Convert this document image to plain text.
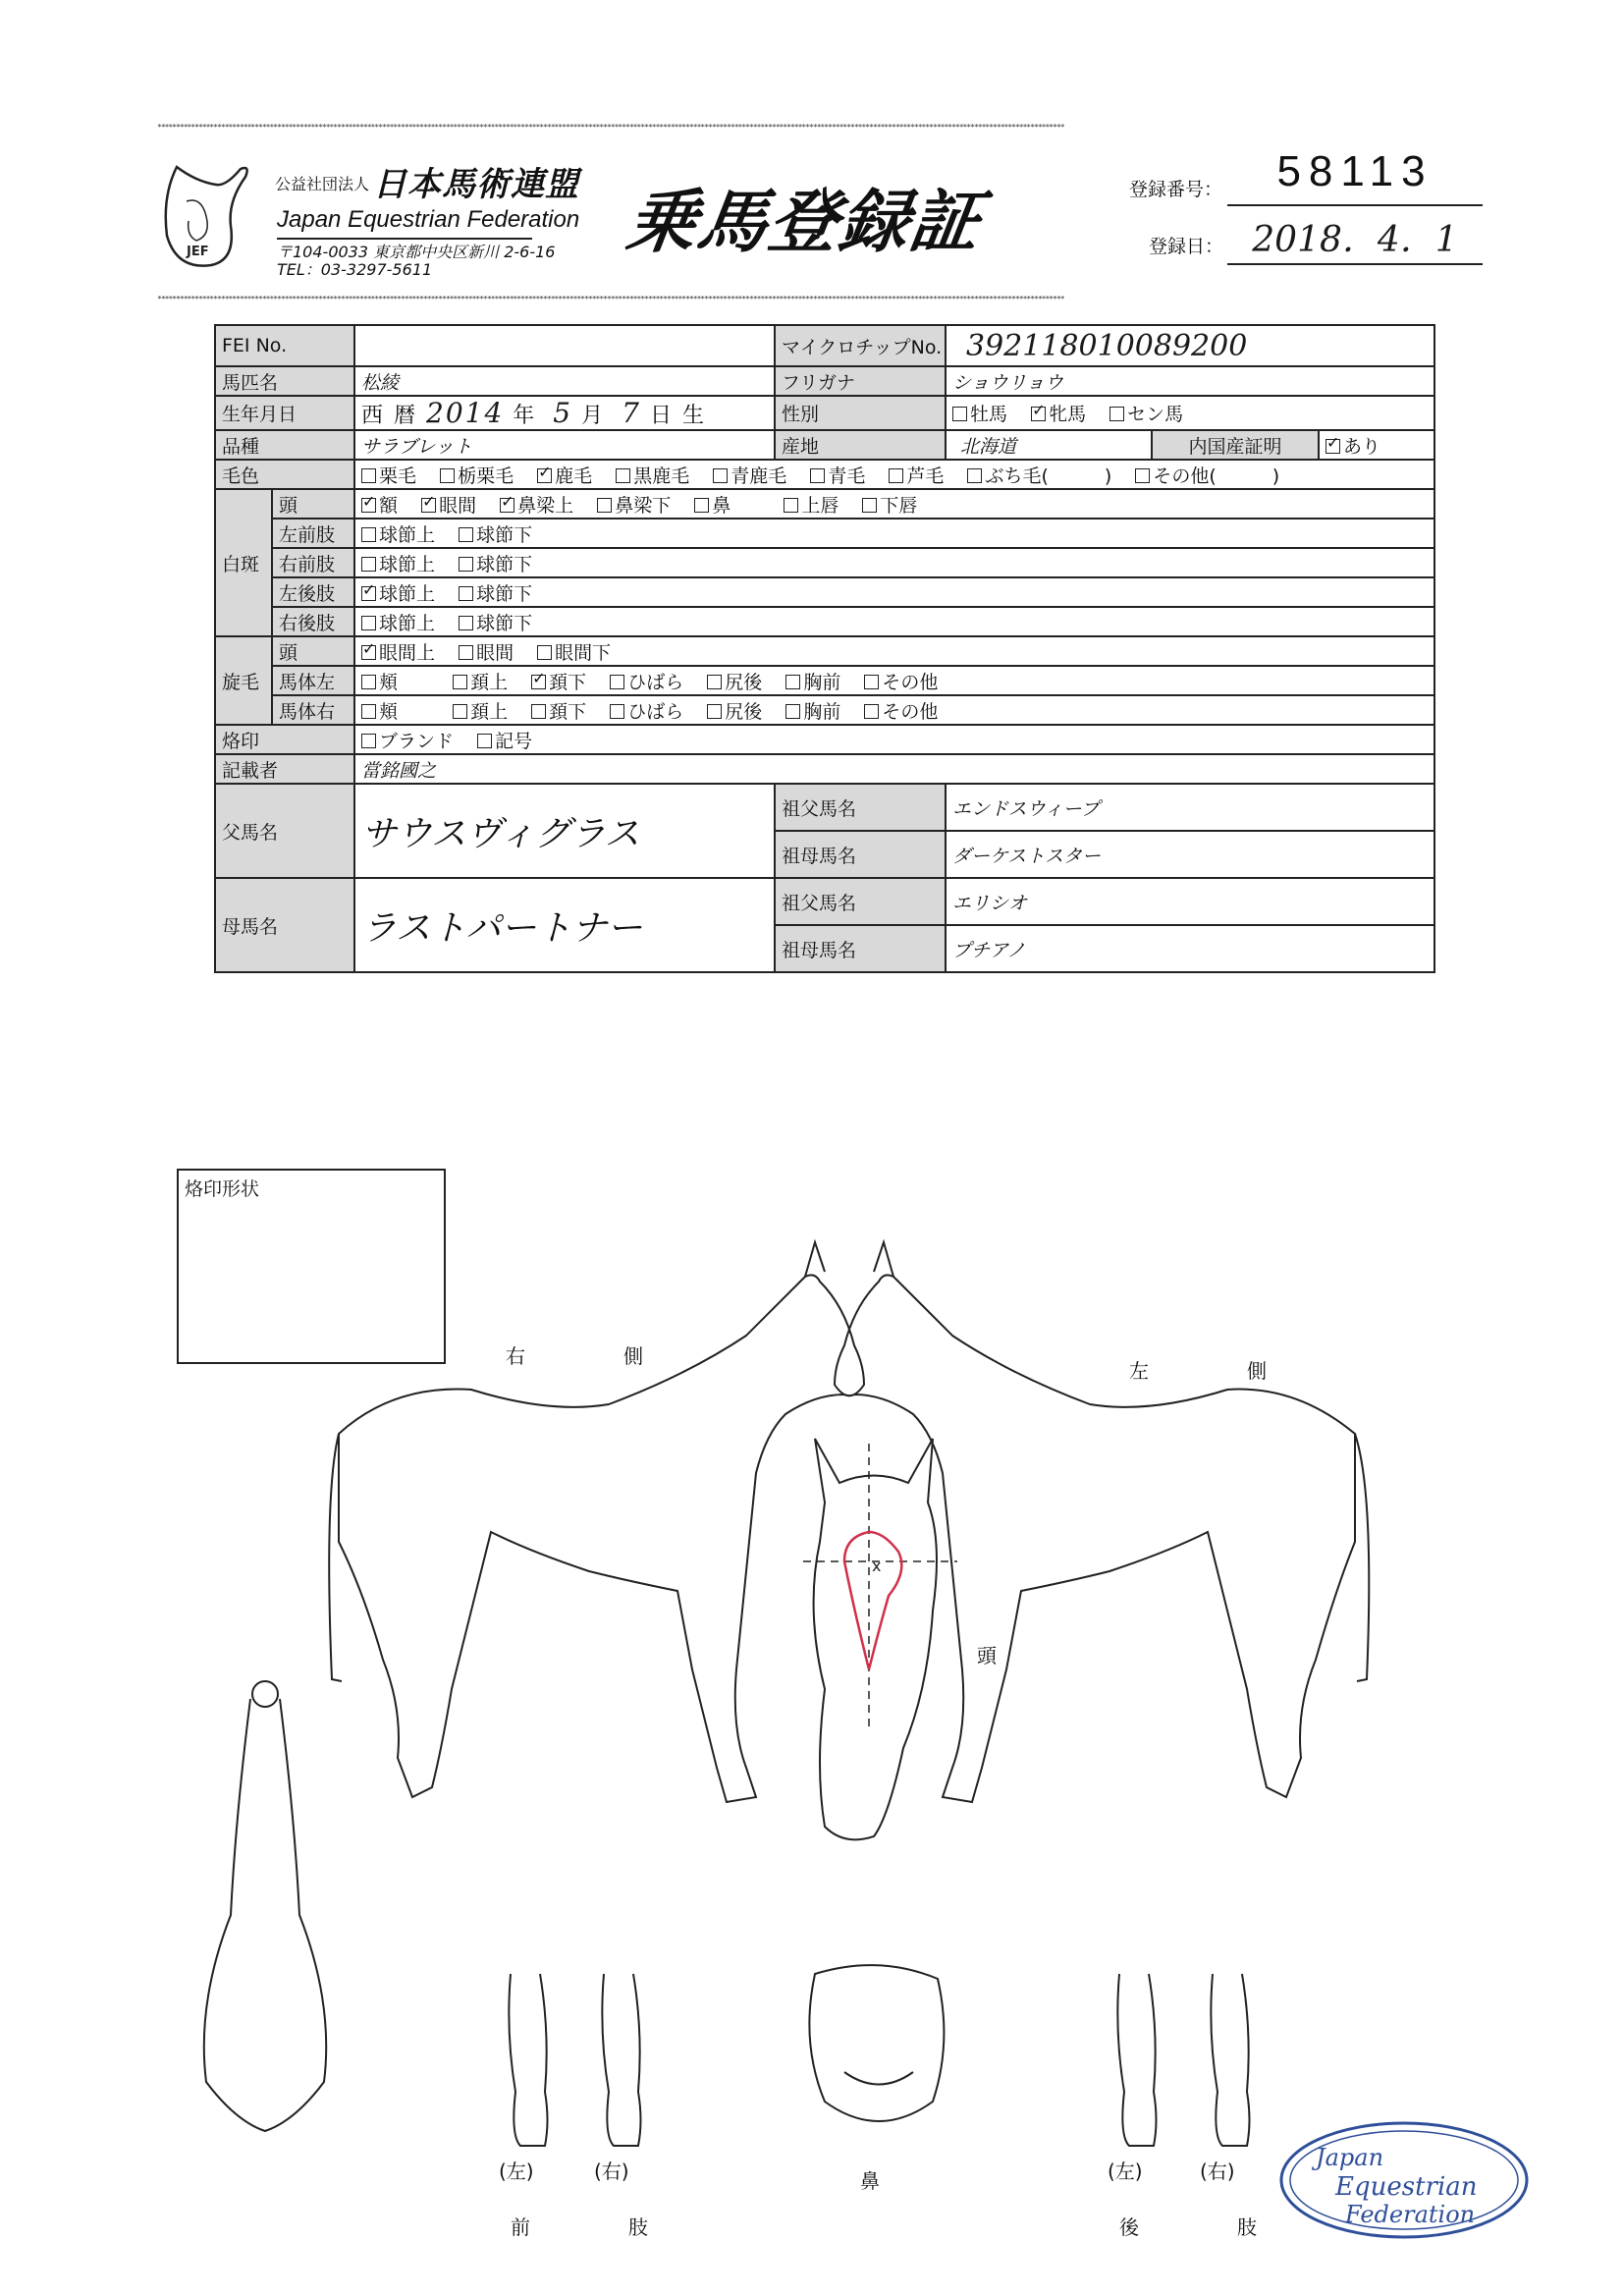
**************************************************************************************************************************************************************************************************************************************************
**************************************************************************************************************************************************************************************************************************************************
JEF
公益社団法人 日本馬術連盟
Japan Equestrian Federation
〒104-0033 東京都中央区新川 2-6-16
TEL：03-3297-5611
乗馬登録証	登録番号：	58113
登録日： 2018．4．1
FEI No.			マイクロチップNo.	392118010089200		
馬匹名		松綾	フリガナ	ショウリョウ		
生年月日		西 暦 2014 年 5 月 7 日 生	性別	牡馬 ✓ 牝馬 セン馬
品種		サラブレット	産地	北海道	内国産証明	✓あり
毛色		栗毛 栃栗毛 ✓ 鹿毛 黒鹿毛 青鹿毛 青毛 芦毛 ぶち毛(　　　) その他(　　　)
白斑	頭	✓額 ✓ 眼間 ✓ 鼻梁上 鼻梁下 鼻 上唇 下唇
	左前肢	球節上 球節下				
	右前肢	球節上 球節下				
	左後肢	✓球節上 球節下
	右後肢	球節上 球節下				
旋毛	頭	✓眼間上 眼間 眼間下
	馬体左	頬 頚上 ✓ 頚下 ひばら 尻後 胸前 その他
	馬体右	頬 頚上 頚下 ひばら 尻後 胸前 その他				
烙印		ブランド 記号				
記載者		當銘國之				
父馬名		サウスヴィグラス	祖父馬名	エンドスウィープ		
			祖母馬名	ダーケストスター		
母馬名		ラストパートナー	祖父馬名	エリシオ		
			祖母馬名	プチアノ		
烙印形状
x
右　側
左　側
頭
鼻
(左)	(右)
前　　肢
(左)	(右)
後　　肢
Japan
Equestrian
Federation
